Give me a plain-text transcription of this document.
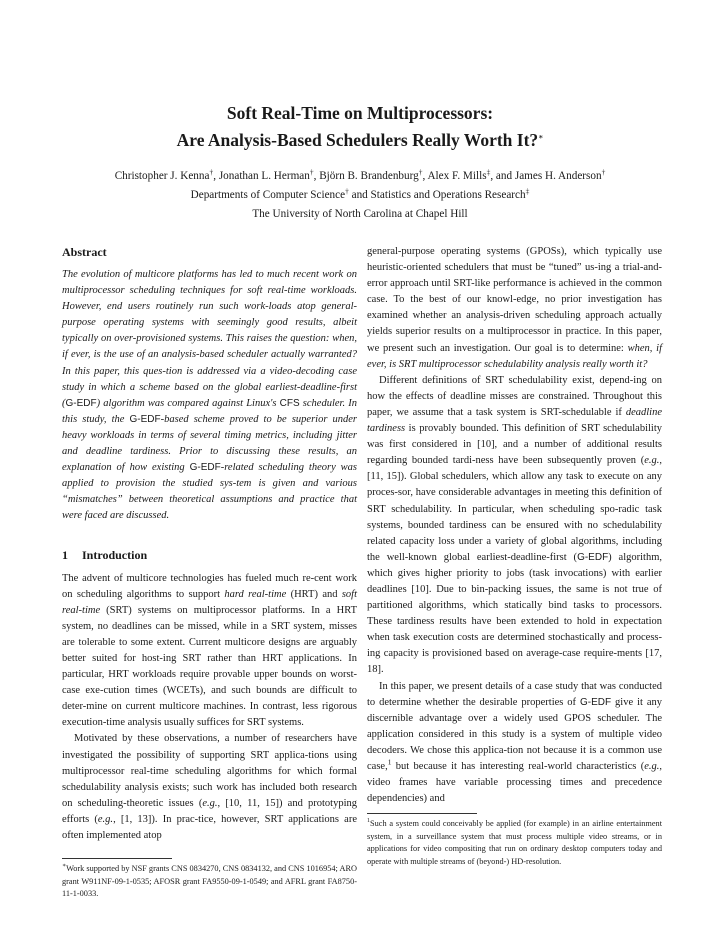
Soft Real-Time on Multiprocessors:
Are Analysis-Based Schedulers Really Worth It?∗
Christopher J. Kenna†, Jonathan L. Herman†, Björn B. Brandenburg†, Alex F. Mills‡, and James H. Anderson†
Departments of Computer Science† and Statistics and Operations Research‡
The University of North Carolina at Chapel Hill
Abstract

The evolution of multicore platforms has led to much recent work on multiprocessor scheduling techniques for soft real-time workloads. However, end users routinely run such work-loads atop general-purpose operating systems with seemingly good results, albeit typically on over-provisioned systems. This raises the question: when, if ever, is the use of an analysis-based scheduler actually warranted? In this paper, this ques-tion is addressed via a video-decoding case study in which a scheme based on the global earliest-deadline-first (G-EDF) algorithm was compared against Linux's CFS scheduler. In this study, the G-EDF-based scheme proved to be superior under heavy workloads in terms of several timing metrics, including jitter and deadline tardiness. Prior to discussing these results, an explanation of how existing G-EDF-related scheduling theory was applied to provision the studied sys-tem is given and various “mismatches” between theoretical assumptions and practice that were faced are discussed.

1 Introduction

The advent of multicore technologies has fueled much re-cent work on scheduling algorithms to support hard real-time (HRT) and soft real-time (SRT) systems on multiprocessor platforms. In a HRT system, no deadlines can be missed, while in a SRT system, misses are tolerable to some extent. Current multicore designs are arguably better suited for host-ing SRT rather than HRT applications. In particular, HRT workloads require provable upper bounds on worst-case exe-cution times (WCETs), and such bounds are difficult to deter-mine on current multicore machines. In contrast, less rigorous execution-time analysis usually suffices for SRT systems.

Motivated by these observations, a number of researchers have investigated the possibility of supporting SRT applica-tions using multiprocessor real-time scheduling algorithms for which formal schedulability analysis exists; such work has included both research on scheduling-theoretic issues (e.g., [10, 11, 15]) and prototyping efforts (e.g., [1, 13]). In prac-tice, however, SRT applications are often implemented atop

∗Work supported by NSF grants CNS 0834270, CNS 0834132, and CNS 1016954; ARO grant W911NF-09-1-0535; AFOSR grant FA9550-09-1-0549; and AFRL grant FA8750-11-1-0033.

general-purpose operating systems (GPOSs), which typically use heuristic-oriented schedulers that must be “tuned” us-ing a trial-and-error approach until SRT-like performance is achieved in the common case. To the best of our knowl-edge, no prior investigation has examined whether an analysis-driven scheduling approach actually yields superior results on a multiprocessor in practice. In this paper, we present such an investigation. Our goal is to determine: when, if ever, is SRT multiprocessor schedulability analysis really worth it?

Different definitions of SRT schedulability exist, depend-ing on how the effects of deadline misses are constrained. Throughout this paper, we assume that a task system is SRT-schedulable if deadline tardiness is provably bounded. This definition of SRT schedulability was first considered in [10], and a number of additional results regarding bounded tardi-ness have been subsequently proven (e.g., [11, 15]). Global schedulers, which allow any task to execute on any proces-sor, have considerable advantages in meeting this definition of SRT schedulability. In particular, when scheduling spo-radic task systems, bounded tardiness can be ensured with no schedulability related capacity loss under a variety of global algorithms, including the well-known global earliest-deadline-first (G-EDF) algorithm, which gives higher priority to jobs (task invocations) with earlier deadlines [10]. Due to bin-packing issues, the same is not true of partitioned algorithms, which statically bind tasks to processors. These tardiness results have been extended to hold in expectation when task execution costs are determined stochastically and process-ing capacity is provisioned based on average-case require-ments [17, 18].

In this paper, we present details of a case study that was conducted to determine whether the desirable properties of G-EDF give it any discernible advantage over a widely used GPOS scheduler. The application considered in this study is a system of multiple video decoders. We chose this applica-tion not because it is a common use case,$^1$ but because it has interesting real-world characteristics (e.g., video frames have variable processing times and precedence dependencies) and

$^1$Such a system could conceivably be applied (for example) in an airline entertainment system, in a surveillance system that must process multiple video streams, or in applications for video compositing that run on ordinary desktop computers today and operate with multiple streams of (beyond-) HD-resolution.
